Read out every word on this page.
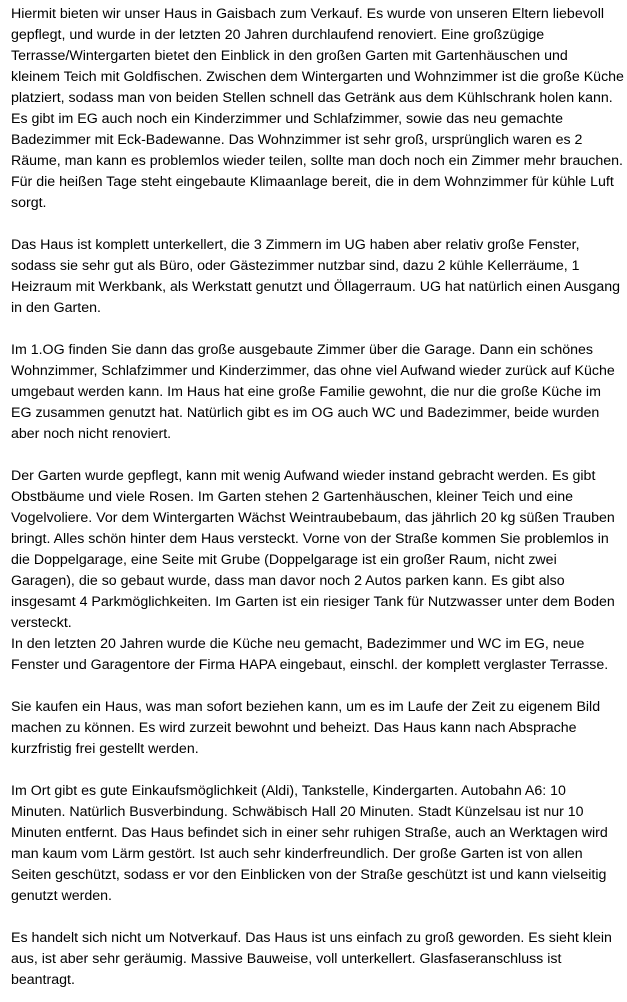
Hiermit bieten wir unser Haus in Gaisbach zum Verkauf. Es wurde von unseren Eltern liebevoll
gepflegt, und wurde in der letzten 20 Jahren durchlaufend renoviert. Eine großzügige
Terrasse/Wintergarten bietet den Einblick in den großen Garten mit Gartenhäuschen und
kleinem Teich mit Goldfischen. Zwischen dem Wintergarten und Wohnzimmer ist die große Küche
platziert, sodass man von beiden Stellen schnell das Getränk aus dem Kühlschrank holen kann.
Es gibt im EG auch noch ein Kinderzimmer und Schlafzimmer, sowie das neu gemachte
Badezimmer mit Eck-Badewanne. Das Wohnzimmer ist sehr groß, ursprünglich waren es 2
Räume, man kann es problemlos wieder teilen, sollte man doch noch ein Zimmer mehr brauchen.
Für die heißen Tage steht eingebaute Klimaanlage bereit, die in dem Wohnzimmer für kühle Luft
sorgt.
Das Haus ist komplett unterkellert, die 3 Zimmern im UG haben aber relativ große Fenster,
sodass sie sehr gut als Büro, oder Gästezimmer nutzbar sind, dazu 2 kühle Kellerräume, 1
Heizraum mit Werkbank, als Werkstatt genutzt und Öllagerraum. UG hat natürlich einen Ausgang
in den Garten.
Im 1.OG finden Sie dann das große ausgebaute Zimmer über die Garage. Dann ein schönes
Wohnzimmer, Schlafzimmer und Kinderzimmer, das ohne viel Aufwand wieder zurück auf Küche
umgebaut werden kann. Im Haus hat eine große Familie gewohnt, die nur die große Küche im
EG zusammen genutzt hat. Natürlich gibt es im OG auch WC und Badezimmer, beide wurden
aber noch nicht renoviert.
Der Garten wurde gepflegt, kann mit wenig Aufwand wieder instand gebracht werden. Es gibt
Obstbäume und viele Rosen. Im Garten stehen 2 Gartenhäuschen, kleiner Teich und eine
Vogelvoliere. Vor dem Wintergarten Wächst Weintraubebaum, das jährlich 20 kg süßen Trauben
bringt. Alles schön hinter dem Haus versteckt. Vorne von der Straße kommen Sie problemlos in
die Doppelgarage, eine Seite mit Grube (Doppelgarage ist ein großer Raum, nicht zwei
Garagen), die so gebaut wurde, dass man davor noch 2 Autos parken kann. Es gibt also
insgesamt 4 Parkmöglichkeiten. Im Garten ist ein riesiger Tank für Nutzwasser unter dem Boden
versteckt.
In den letzten 20 Jahren wurde die Küche neu gemacht, Badezimmer und WC im EG, neue
Fenster und Garagentore der Firma HAPA eingebaut, einschl. der komplett verglaster Terrasse.
Sie kaufen ein Haus, was man sofort beziehen kann, um es im Laufe der Zeit zu eigenem Bild
machen zu können. Es wird zurzeit bewohnt und beheizt. Das Haus kann nach Absprache
kurzfristig frei gestellt werden.
Im Ort gibt es gute Einkaufsmöglichkeit (Aldi), Tankstelle, Kindergarten. Autobahn A6: 10
Minuten. Natürlich Busverbindung. Schwäbisch Hall 20 Minuten. Stadt Künzelsau ist nur 10
Minuten entfernt. Das Haus befindet sich in einer sehr ruhigen Straße, auch an Werktagen wird
man kaum vom Lärm gestört. Ist auch sehr kinderfreundlich. Der große Garten ist von allen
Seiten geschützt, sodass er vor den Einblicken von der Straße geschützt ist und kann vielseitig
genutzt werden.
Es handelt sich nicht um Notverkauf. Das Haus ist uns einfach zu groß geworden. Es sieht klein
aus, ist aber sehr geräumig. Massive Bauweise, voll unterkellert. Glasfaseranschluss ist
beantragt.
